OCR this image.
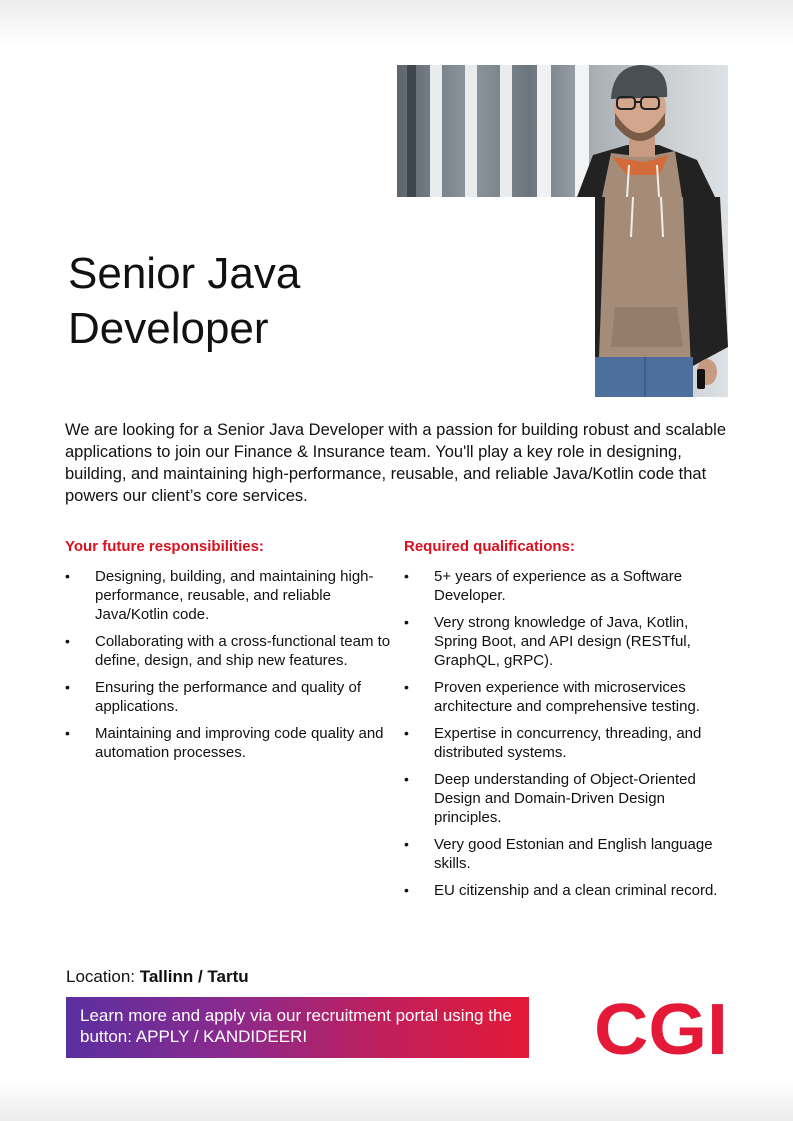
Senior Java
Developer

We are looking for a Senior Java Developer with a passion for building robust and scalable applications to join our Finance & Insurance team. You'll play a key role in designing, building, and maintaining high-performance, reusable, and reliable Java/Kotlin code that powers our client’s core services.

Your future responsibilities:
• Designing, building, and maintaining high-performance, reusable, and reliable Java/Kotlin code.
• Collaborating with a cross-functional team to define, design, and ship new features.
• Ensuring the performance and quality of applications.
• Maintaining and improving code quality and automation processes.
Required qualifications:
• 5+ years of experience as a Software Developer.
• Very strong knowledge of Java, Kotlin, Spring Boot, and API design (RESTful, GraphQL, gRPC).
• Proven experience with microservices architecture and comprehensive testing.
• Expertise in concurrency, threading, and distributed systems.
• Deep understanding of Object-Oriented Design and Domain-Driven Design principles.
• Very good Estonian and English language skills.
• EU citizenship and a clean criminal record.
Location: Tallinn / Tartu
Learn more and apply via our recruitment portal using the button: APPLY / KANDIDEERI	CGI
